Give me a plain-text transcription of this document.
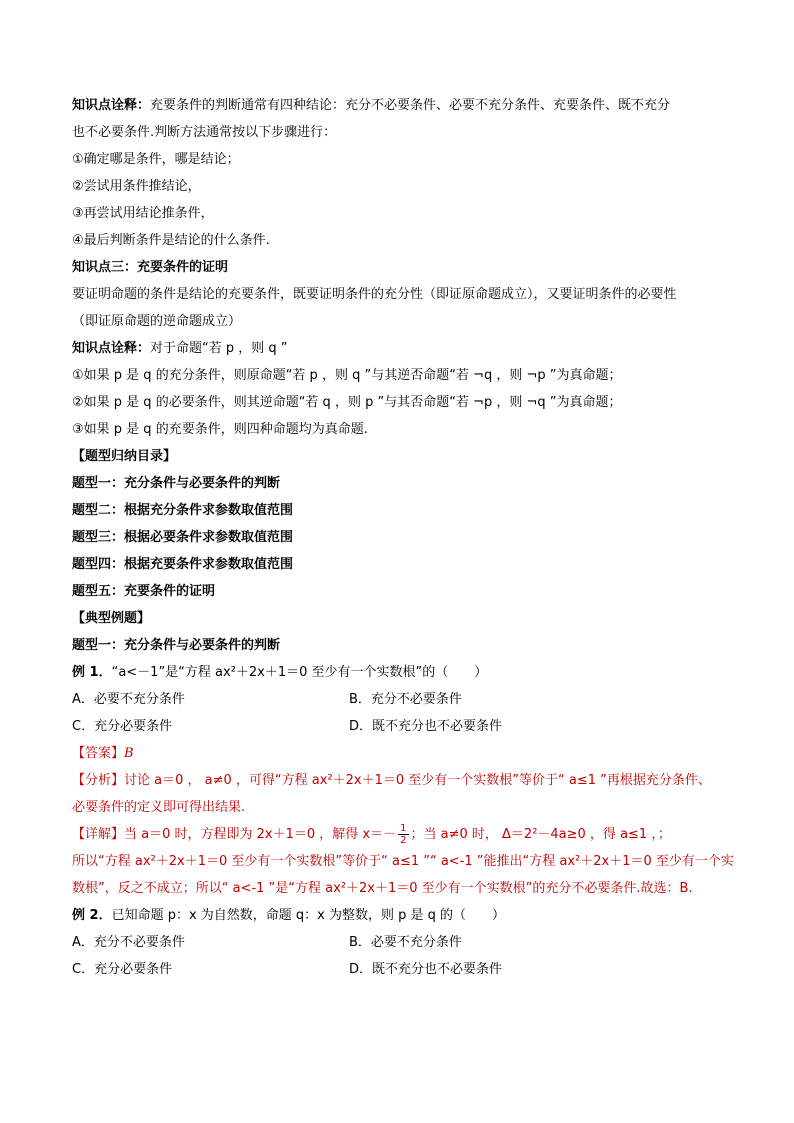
知识点诠释：充要条件的判断通常有四种结论：充分不必要条件、必要不充分条件、充要条件、既不充分
也不必要条件.判断方法通常按以下步骤进行：
①确定哪是条件，哪是结论；
②尝试用条件推结论，
③再尝试用结论推条件，
④最后判断条件是结论的什么条件.
知识点三：充要条件的证明
要证明命题的条件是结论的充要条件，既要证明条件的充分性（即证原命题成立），又要证明条件的必要性
（即证原命题的逆命题成立）
知识点诠释：对于命题“若 p ，则 q ”
①如果 p 是 q 的充分条件，则原命题“若 p ，则 q ”与其逆否命题“若 ¬q ，则 ¬p ”为真命题；
②如果 p 是 q 的必要条件，则其逆命题“若 q ，则 p ”与其否命题“若 ¬p ，则 ¬q ”为真命题；
③如果 p 是 q 的充要条件，则四种命题均为真命题.
【题型归纳目录】
题型一：充分条件与必要条件的判断
题型二：根据充分条件求参数取值范围
题型三：根据必要条件求参数取值范围
题型四：根据充要条件求参数取值范围
题型五：充要条件的证明
【典型例题】
题型一：充分条件与必要条件的判断
例 1．“a<－1”是“方程 ax²＋2x＋1＝0 至少有一个实数根”的（　　）
A．必要不充分条件	B．充分不必要条件
C．充分必要条件	D．既不充分也不必要条件
【答案】B
【分析】讨论 a＝0 ， a≠0 ，可得“方程 ax²＋2x＋1＝0 至少有一个实数根”等价于“ a≤1 ”再根据充分条件、
必要条件的定义即可得出结果.
【详解】当 a＝0 时，方程即为 2x＋1＝0 ，解得 $x=- \frac{1}{2}$ ；当 a≠0 时， Δ＝2²－4a≥0 ，得 a≤1 ，；
所以“方程 ax²＋2x＋1＝0 至少有一个实数根”等价于“ a≤1 ”“ a<-1 ”能推出“方程 ax²＋2x＋1＝0 至少有一个实
数根”，反之不成立；所以“ a<-1 ”是“方程 ax²＋2x＋1＝0 至少有一个实数根”的充分不必要条件.故选：B.
例 2．已知命题 p：x 为自然数，命题 q：x 为整数，则 p 是 q 的（　　）
A．充分不必要条件	B．必要不充分条件
C．充分必要条件	D．既不充分也不必要条件
